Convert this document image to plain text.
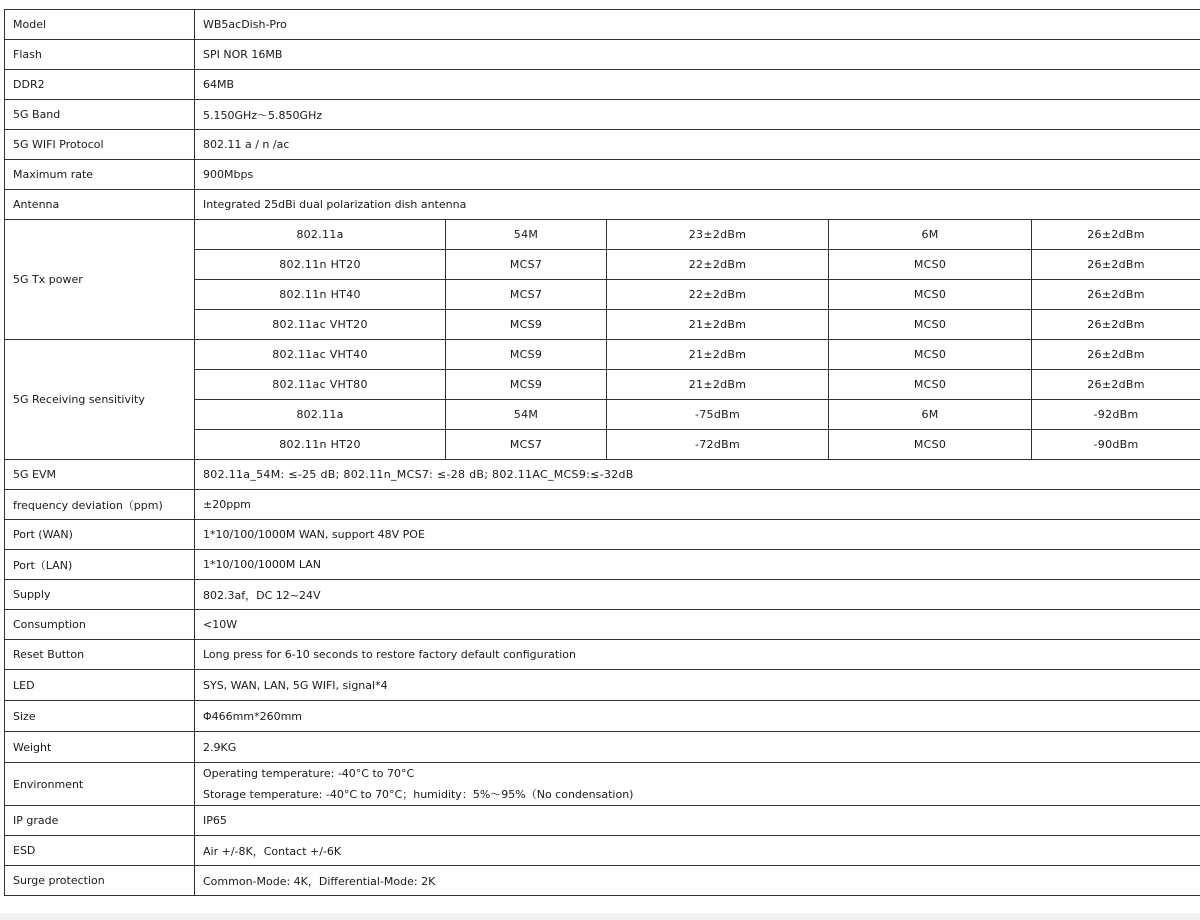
Model	WB5acDish-Pro				
Flash	SPI NOR 16MB				
DDR2	64MB				
5G Band	5.150GHz～5.850GHz				
5G WIFI Protocol	802.11 a / n /ac				
Maximum rate	900Mbps				
Antenna	Integrated 25dBi dual polarization dish antenna				
5G Tx power	802.11a	54M	23±2dBm	6M	26±2dBm
	802.11n HT20	MCS7	22±2dBm	MCS0	26±2dBm
	802.11n HT40	MCS7	22±2dBm	MCS0	26±2dBm
	802.11ac VHT20	MCS9	21±2dBm	MCS0	26±2dBm
5G Receiving sensitivity	802.11ac VHT40	MCS9	21±2dBm	MCS0	26±2dBm
	802.11ac VHT80	MCS9	21±2dBm	MCS0	26±2dBm
	802.11a	54M	-75dBm	6M	-92dBm
	802.11n HT20	MCS7	-72dBm	MCS0	-90dBm
5G EVM	802.11a_54M: ≤-25 dB; 802.11n_MCS7: ≤-28 dB; 802.11AC_MCS9:≤-32dB				
frequency deviation（ppm)	±20ppm				
Port (WAN)	1*10/100/1000M WAN, support 48V POE				
Port（LAN)	1*10/100/1000M LAN				
Supply	802.3af，DC 12~24V				
Consumption	<10W				
Reset Button	Long press for 6-10 seconds to restore factory default configuration				
LED	SYS, WAN, LAN, 5G WIFI, signal*4				
Size	Φ466mm*260mm				
Weight	2.9KG				
Environment	Operating temperature: -40°C to 70°C
Storage temperature: -40°C to 70°C；humidity：5%～95%（No condensation)				

IP grade	IP65				
ESD	Air +/-8K，Contact +/-6K				
Surge protection	Common-Mode: 4K，Differential-Mode: 2K				
